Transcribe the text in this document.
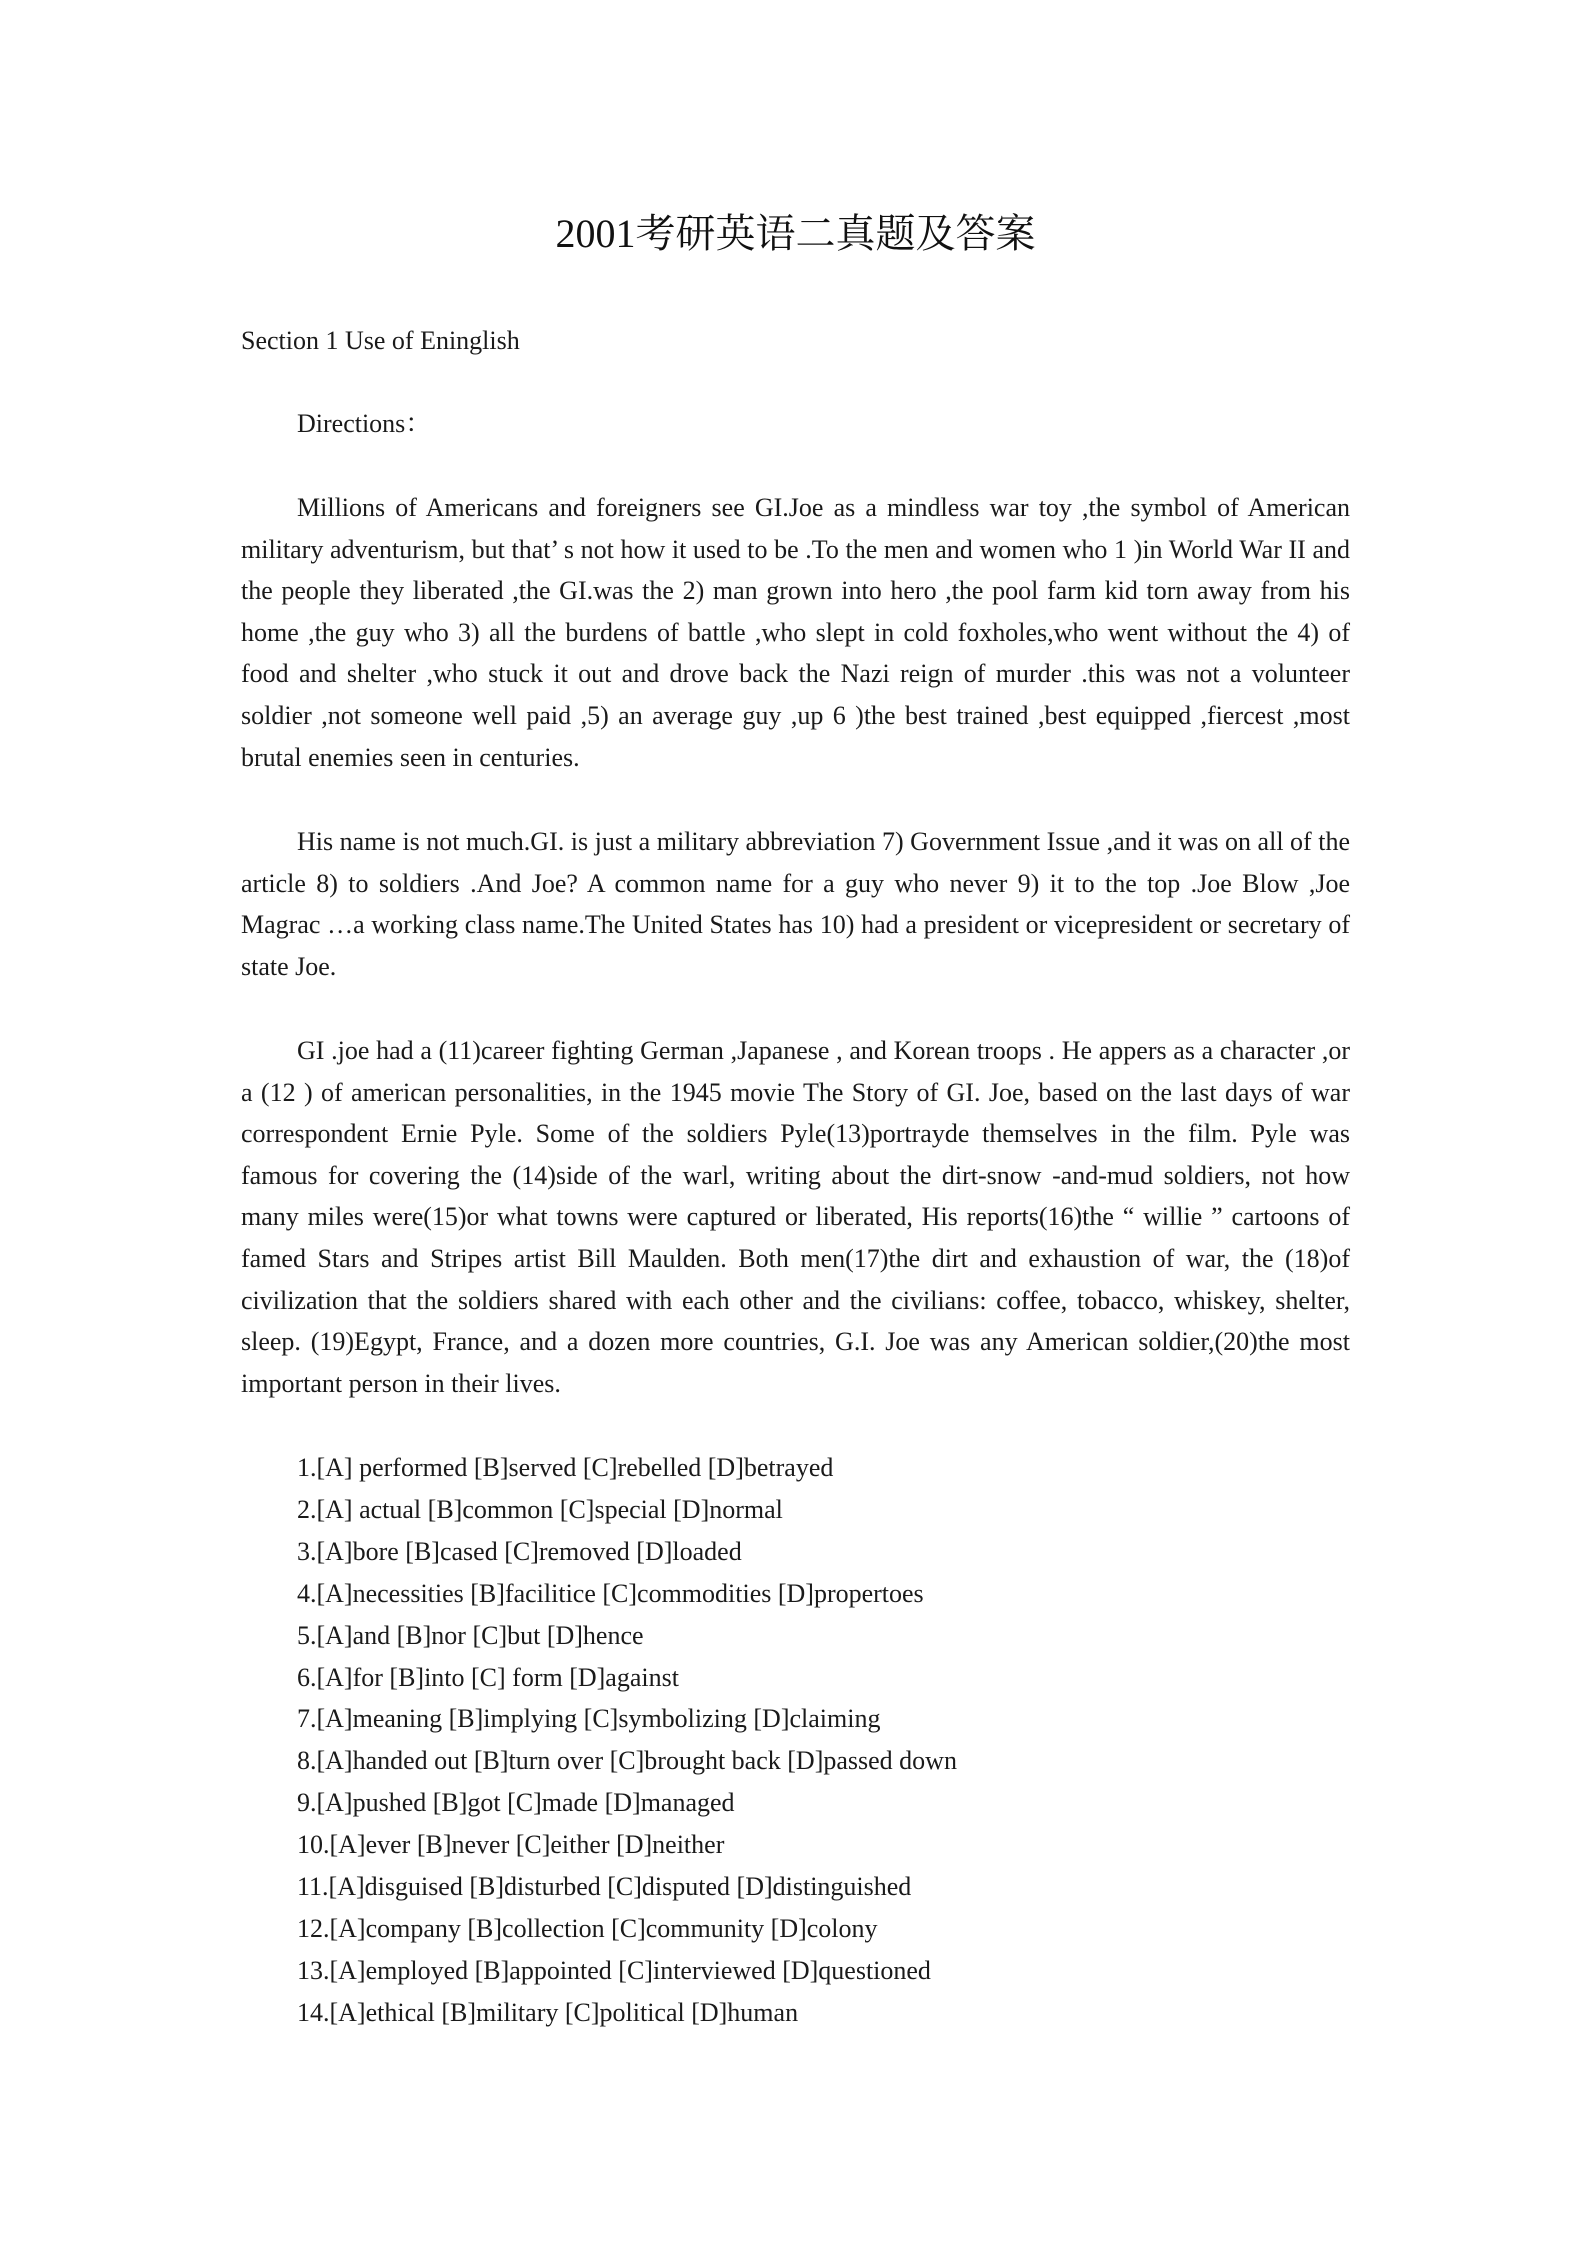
2001考研英语二真题及答案
Section 1 Use of Eninglish
Directions：

Millions of Americans and foreigners see GI.Joe as a mindless war toy ,the symbol of American military adventurism, but that’ s not how it used to be .To the men and women who 1 )in World War II and the people they liberated ,the GI.was the 2) man grown into hero ,the pool farm kid torn away from his home ,the guy who 3) all the burdens of battle ,who slept in cold foxholes,who went without the 4) of food and shelter ,who stuck it out and drove back the Nazi reign of murder .this was not a volunteer soldier ,not someone well paid ,5) an average guy ,up 6 )the best trained ,best equipped ,fiercest ,most brutal enemies seen in centuries.

His name is not much.GI. is just a military abbreviation 7) Government Issue ,and it was on all of the article 8) to soldiers .And Joe? A common name for a guy who never 9) it to the top .Joe Blow ,Joe Magrac …a working class name.The United States has 10) had a president or vicepresident or secretary of state Joe.

GI .joe had a (11)career fighting German ,Japanese , and Korean troops . He appers as a character ,or a (12 ) of american personalities, in the 1945 movie The Story of GI. Joe, based on the last days of war correspondent Ernie Pyle. Some of the soldiers Pyle(13)portrayde themselves in the film. Pyle was famous for covering the (14)side of the warl, writing about the dirt-snow -and-mud soldiers, not how many miles were(15)or what towns were captured or liberated, His reports(16)the “ willie ” cartoons of famed Stars and Stripes artist Bill Maulden. Both men(17)the dirt and exhaustion of war, the (18)of civilization that the soldiers shared with each other and the civilians: coffee, tobacco, whiskey, shelter, sleep. (19)Egypt, France, and a dozen more countries, G.I. Joe was any American soldier,(20)the most important person in their lives.

1.[A] performed [B]served [C]rebelled [D]betrayed
2.[A] actual [B]common [C]special [D]normal
3.[A]bore [B]cased [C]removed [D]loaded
4.[A]necessities [B]facilitice [C]commodities [D]propertoes
5.[A]and [B]nor [C]but [D]hence
6.[A]for [B]into [C] form [D]against
7.[A]meaning [B]implying [C]symbolizing [D]claiming
8.[A]handed out [B]turn over [C]brought back [D]passed down
9.[A]pushed [B]got [C]made [D]managed
10.[A]ever [B]never [C]either [D]neither
11.[A]disguised [B]disturbed [C]disputed [D]distinguished
12.[A]company [B]collection [C]community [D]colony
13.[A]employed [B]appointed [C]interviewed [D]questioned
14.[A]ethical [B]military [C]political [D]human
